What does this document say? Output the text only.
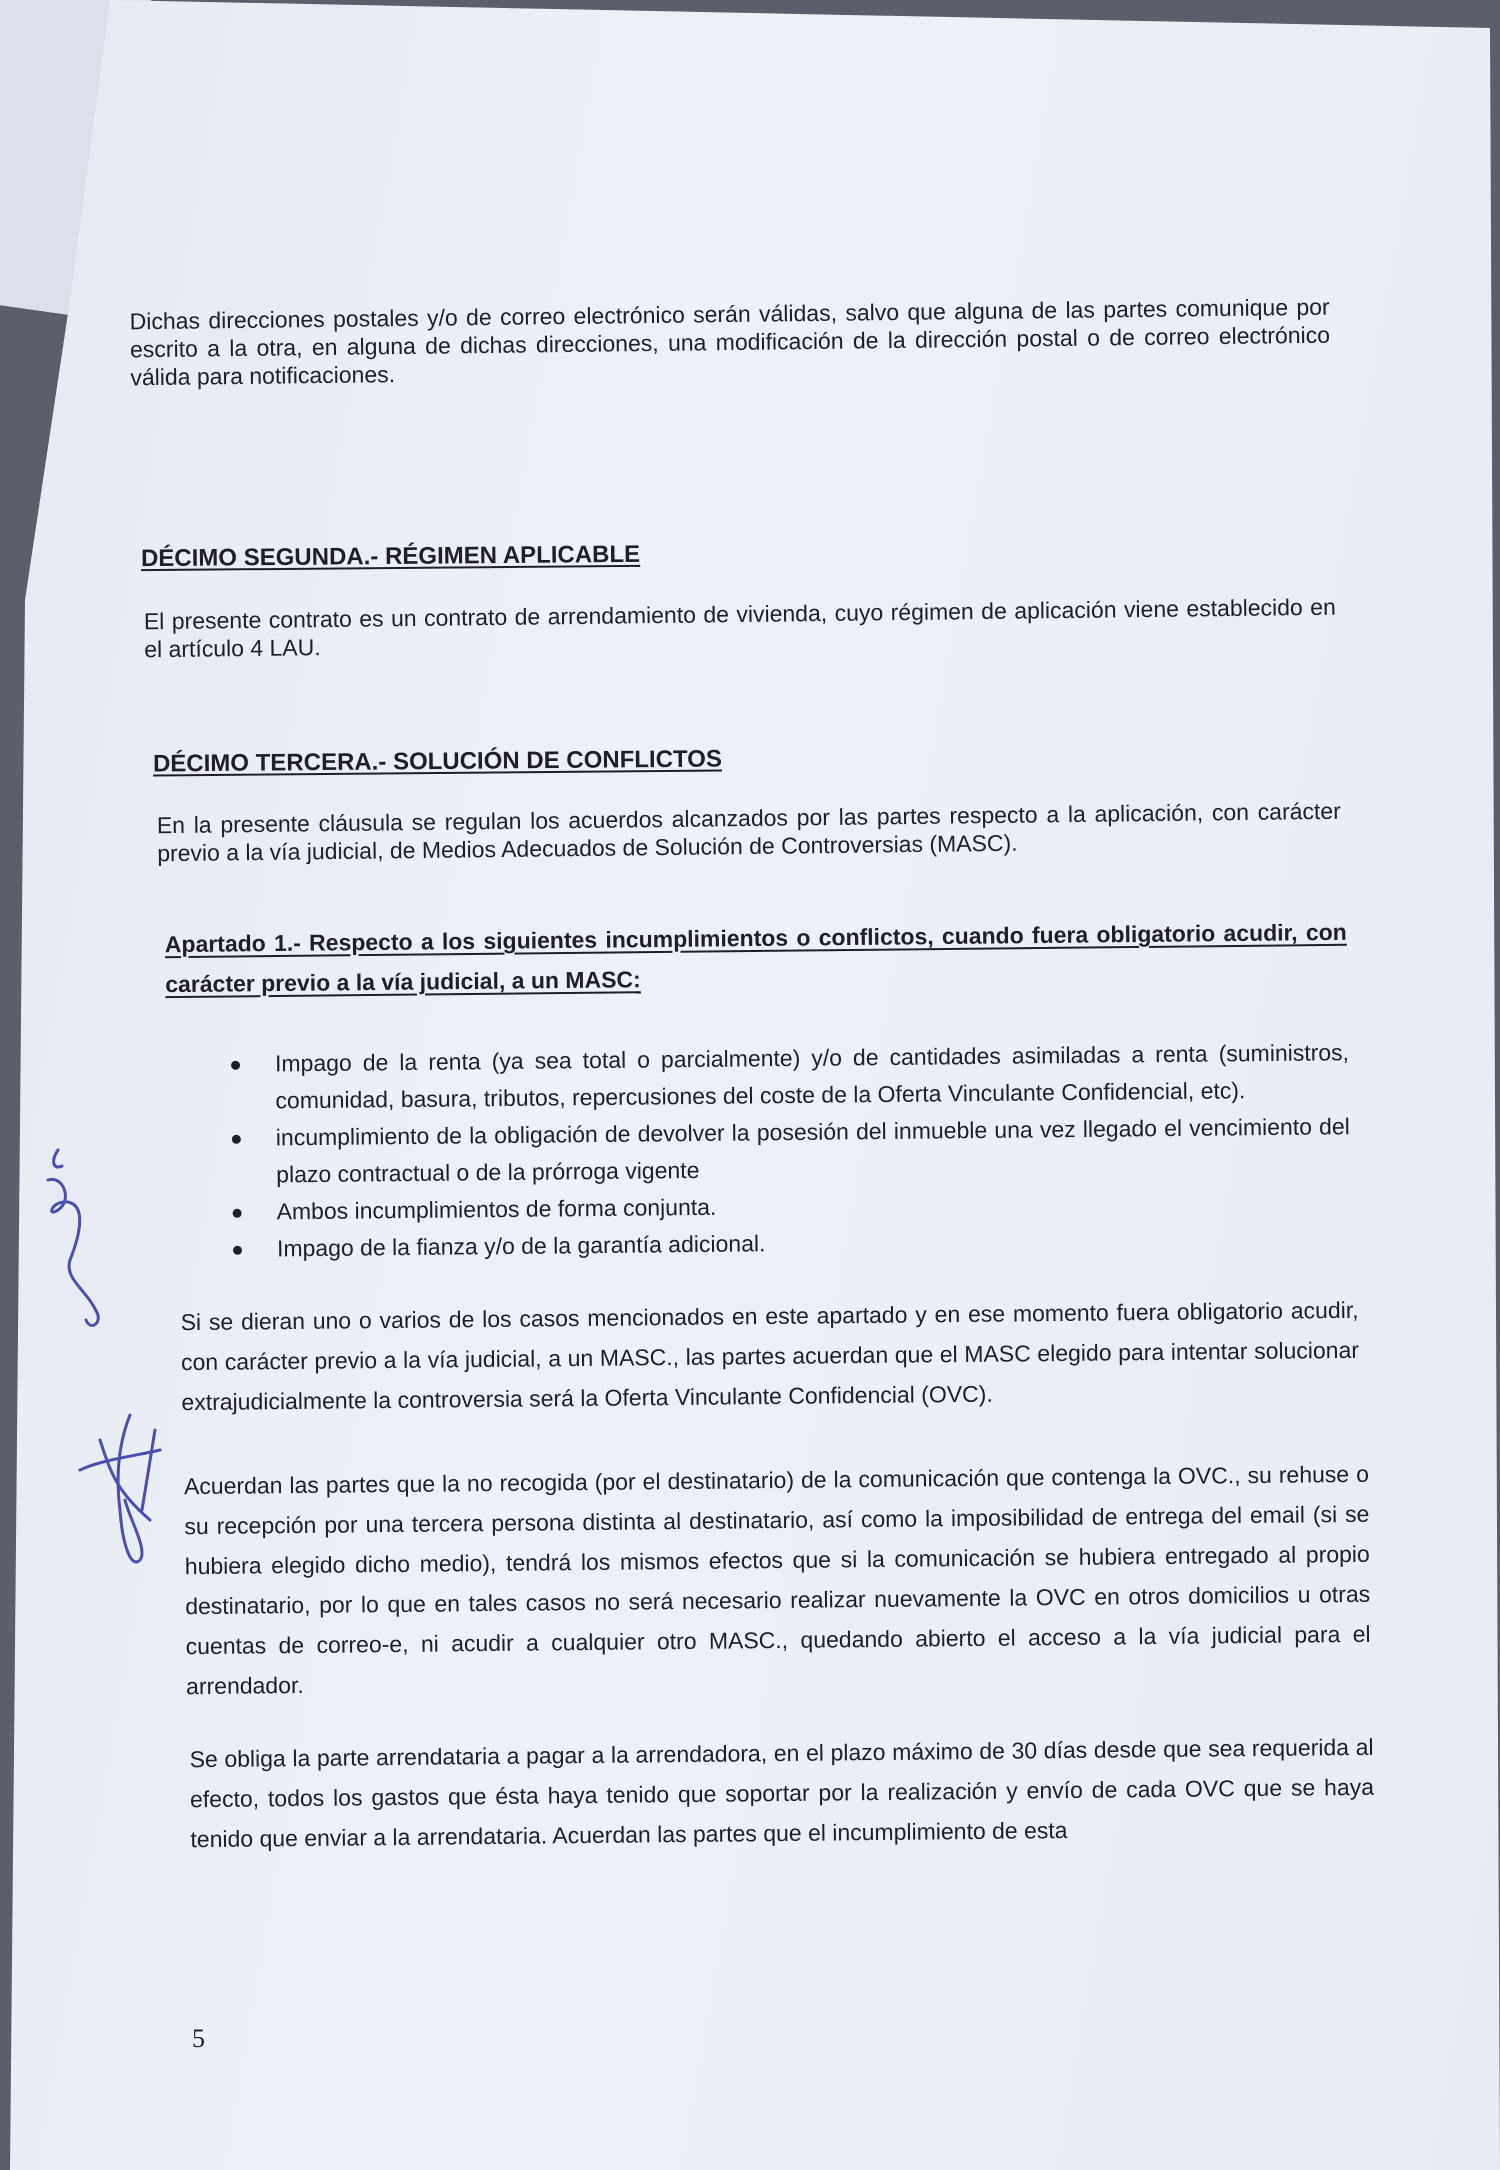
Dichas direcciones postales y/o de correo electrónico serán válidas, salvo que alguna de las partes comunique por escrito a la otra, en alguna de dichas direcciones, una modificación de la dirección postal o de correo electrónico válida para notificaciones.

DÉCIMO SEGUNDA.- RÉGIMEN APLICABLE

El presente contrato es un contrato de arrendamiento de vivienda, cuyo régimen de aplicación viene establecido en el artículo 4 LAU.

DÉCIMO TERCERA.- SOLUCIÓN DE CONFLICTOS

En la presente cláusula se regulan los acuerdos alcanzados por las partes respecto a la aplicación, con carácter previo a la vía judicial, de Medios Adecuados de Solución de Controversias (MASC).

Apartado 1.- Respecto a los siguientes incumplimientos o conflictos, cuando fuera obligatorio acudir, con carácter previo a la vía judicial, a un MASC:
Impago de la renta (ya sea total o parcialmente) y/o de cantidades asimiladas a renta (suministros, comunidad, basura, tributos, repercusiones del coste de la Oferta Vinculante Confidencial, etc).
incumplimiento de la obligación de devolver la posesión del inmueble una vez llegado el vencimiento del plazo contractual o de la prórroga vigente
Ambos incumplimientos de forma conjunta.
Impago de la fianza y/o de la garantía adicional.

Si se dieran uno o varios de los casos mencionados en este apartado y en ese momento fuera obligatorio acudir, con carácter previo a la vía judicial, a un MASC., las partes acuerdan que el MASC elegido para intentar solucionar extrajudicialmente la controversia será la Oferta Vinculante Confidencial (OVC).

Acuerdan las partes que la no recogida (por el destinatario) de la comunicación que contenga la OVC., su rehuse o su recepción por una tercera persona distinta al destinatario, así como la imposibilidad de entrega del email (si se hubiera elegido dicho medio), tendrá los mismos efectos que si la comunicación se hubiera entregado al propio destinatario, por lo que en tales casos no será necesario realizar nuevamente la OVC en otros domicilios u otras cuentas de correo-e, ni acudir a cualquier otro MASC., quedando abierto el acceso a la vía judicial para el arrendador.

Se obliga la parte arrendataria a pagar a la arrendadora, en el plazo máximo de 30 días desde que sea requerida al efecto, todos los gastos que ésta haya tenido que soportar por la realización y envío de cada OVC que se haya tenido que enviar a la arrendataria. Acuerdan las partes que el incumplimiento de esta

5
